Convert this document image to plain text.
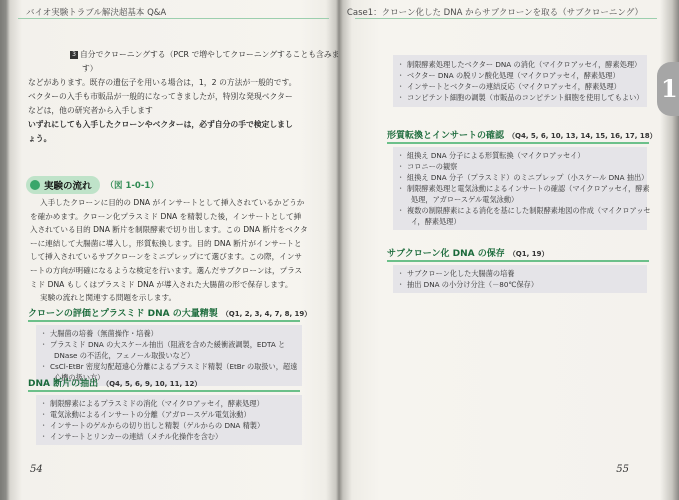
バイオ実験トラブル解決超基本 Q&A
3 自分でクローニングする（PCR で増やしてクローニングすることも含みま
す）
などがあります。既存の遺伝子を用いる場合は，1，2 の方法が一般的です。
ベクターの入手も市販品が一般的になってきましたが，特別な発現ベクター
などは，他の研究者から入手します
いずれにしても入手したクローンやベクターは，必ず自分の手で検定しまし
ょう。
実験の流れ （図 1-0-1）
入手したクローンに目的の DNA がインサートとして挿入されているかどうか
を確かめます。クローン化プラスミド DNA を精製した後，インサートとして挿
入されている目的 DNA 断片を制限酵素で切り出します。この DNA 断片をベクタ
ーに連結して大腸菌に導入し，形質転換します。目的 DNA 断片がインサートと
して挿入されているサブクローンをミニプレップにて選びます。この際，インサ
ートの方向が明確になるような検定を行います。選んだサブクローンは，プラス
ミド DNA もしくはプラスミド DNA が導入された大腸菌の形で保存します。
実験の流れと関連する問題を示します。
クローンの評価とプラスミド DNA の大量精製 （Q1, 2, 3, 4, 7, 8, 19）
・ 大腸菌の培養（無菌操作・培養）
・ プラスミド DNA の大スケール抽出（阻液を含めた緩衝液調製，EDTA と
DNase の不活化，フェノール取扱いなど）
・ CsCl-EtBr 密度勾配超遠心分離によるプラスミド精製（EtBr の取扱い，超遠
心機の扱い方）
DNA 断片の抽出 （Q4, 5, 6, 9, 10, 11, 12）
・ 制限酵素によるプラスミドの消化（マイクロアッセイ，酵素処理）
・ 電気泳動によるインサートの分離（アガロースゲル電気泳動）
・ インサートのゲルからの切り出しと精製（ゲルからの DNA 精製）
・ インサートとリンカーの連結（メチル化操作を含む）
54
Case1：クローン化した DNA からサブクローンを取る（サブクローニング）
1
・ 制限酵素処理したベクター DNA の消化（マイクロアッセイ，酵素処理）
・ ベクター DNA の脱リン酸化処理（マイクロアッセイ，酵素処理）
・ インサートとベクターの連結反応（マイクロアッセイ，酵素処理）
・ コンピテント細胞の調製（市販品のコンピテント細胞を使用してもよい）
形質転換とインサートの確認 （Q4, 5, 6, 10, 13, 14, 15, 16, 17, 18）
・ 組換え DNA 分子による形質転換（マイクロアッセイ）
・ コロニーの観察
・ 組換え DNA 分子（プラスミド）のミニプレップ（小スケール DNA 抽出）
・ 制限酵素処理と電気泳動によるインサートの確認（マイクロアッセイ，酵素
処理，アガロースゲル電気泳動）
・ 複数の制限酵素による消化を基にした制限酵素地図の作成（マイクロアッセ
イ，酵素処理）
サブクローン化 DNA の保存 （Q1, 19）
・ サブクローン化した大腸菌の培養
・ 抽出 DNA の小分け分注（－80℃保存）
55
